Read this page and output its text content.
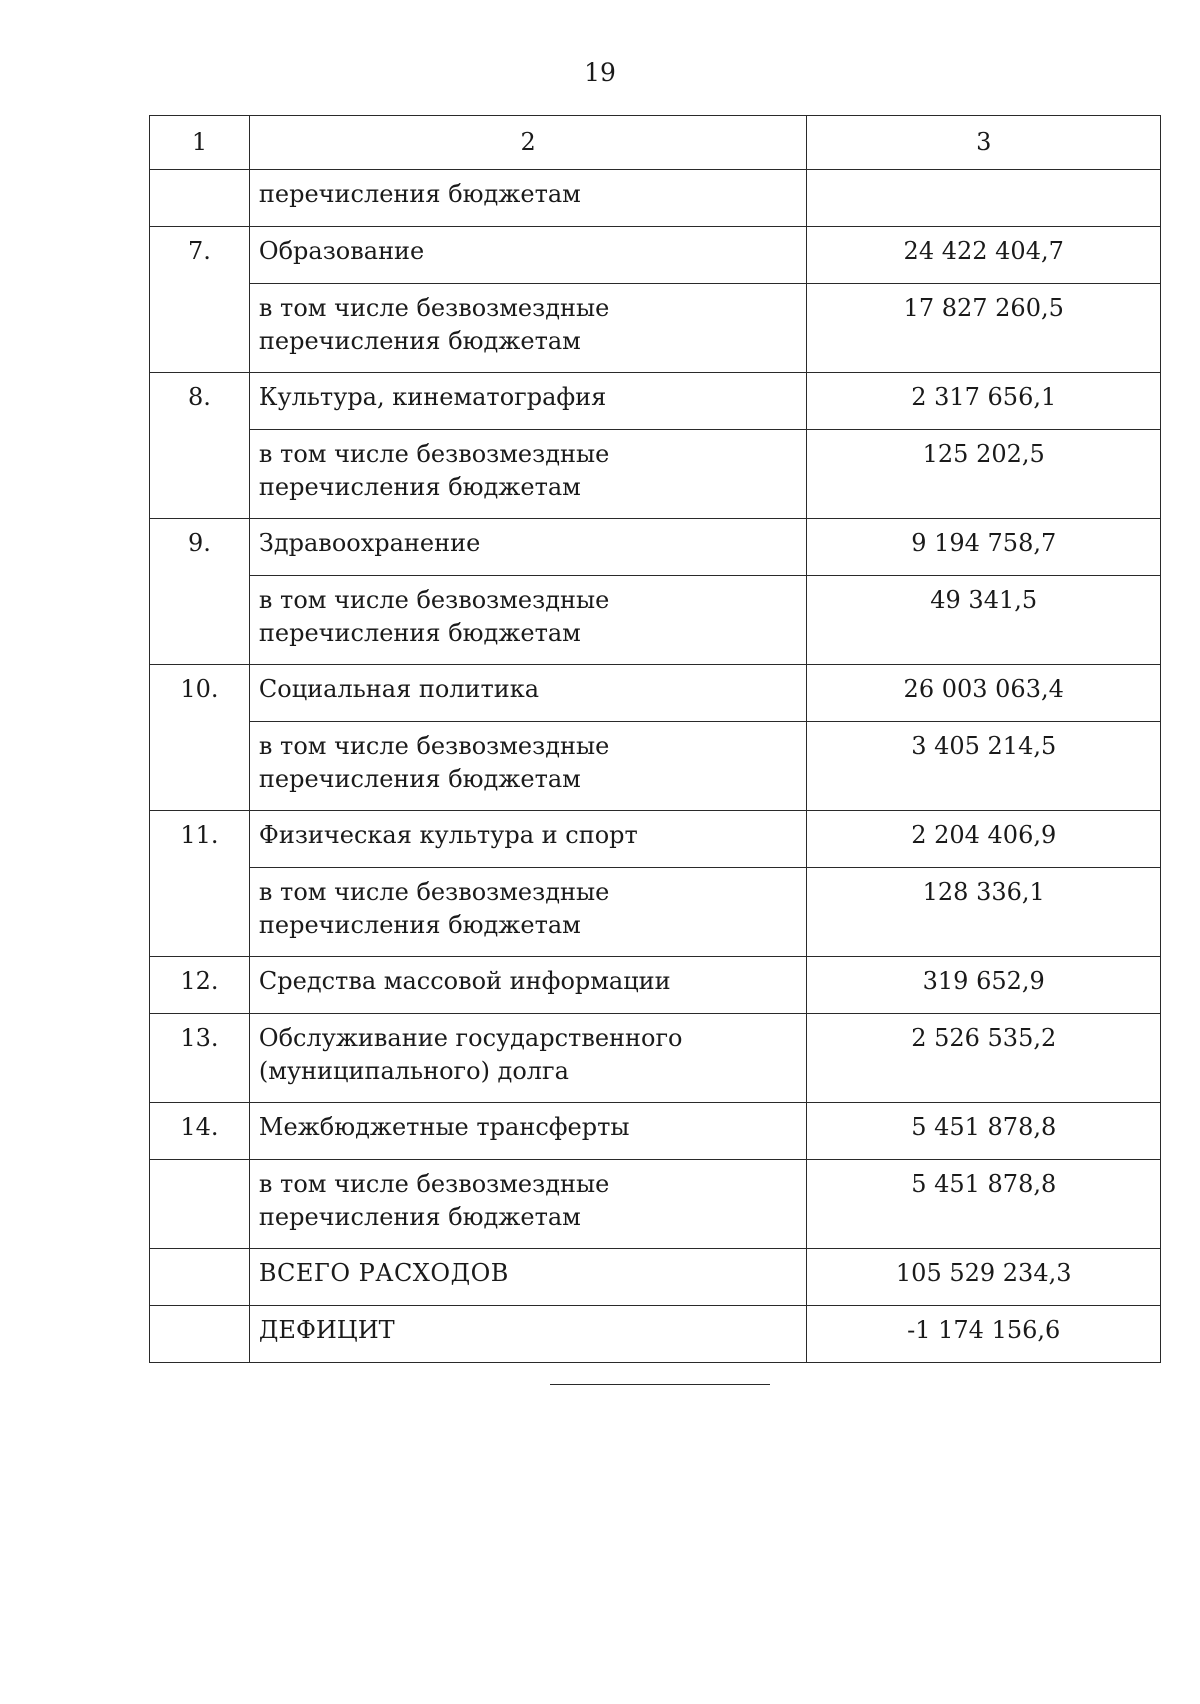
19
1	2	3
	перечисления бюджетам	
7.	Образование	24 422 404,7
	в том числе безвозмездные перечисления бюджетам	17 827 260,5
8.	Культура, кинематография	2 317 656,1
	в том числе безвозмездные перечисления бюджетам	125 202,5
9.	Здравоохранение	9 194 758,7
	в том числе безвозмездные перечисления бюджетам	49 341,5
10.	Социальная политика	26 003 063,4
	в том числе безвозмездные перечисления бюджетам	3 405 214,5
11.	Физическая культура и спорт	2 204 406,9
	в том числе безвозмездные перечисления бюджетам	128 336,1
12.	Средства массовой информации	319 652,9
13.	Обслуживание государственного (муниципального) долга	2 526 535,2
14.	Межбюджетные трансферты	5 451 878,8
	в том числе безвозмездные перечисления бюджетам	5 451 878,8
	ВСЕГО РАСХОДОВ	105 529 234,3
	ДЕФИЦИТ	-1 174 156,6
